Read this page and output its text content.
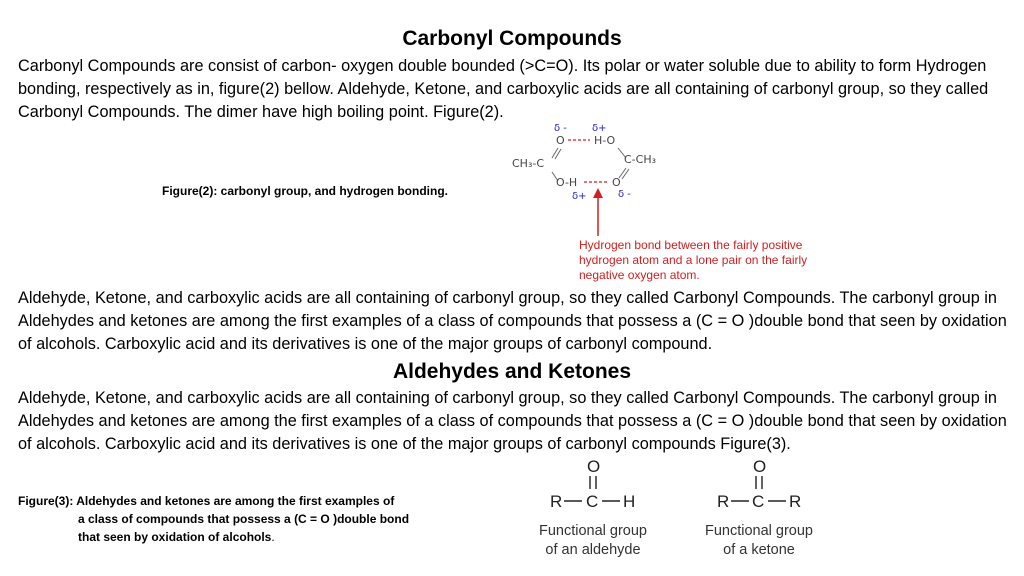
Carbonyl Compounds
Carbonyl Compounds are consist of carbon- oxygen double bounded (>C=O). Its polar or water soluble due to ability to form Hydrogen bonding, respectively as in, figure(2) bellow. Aldehyde, Ketone, and carboxylic acids are all containing of carbonyl group, so they called Carbonyl Compounds. The dimer have high boiling point. Figure(2).
Figure(2): carbonyl group, and hydrogen bonding.
δ -	δ+
O	H-O
CH₃-C	C-CH₃
O-H	O
δ+	δ -
Hydrogen bond between the fairly positive
hydrogen atom and a lone pair on the fairly
negative oxygen atom.
Aldehyde, Ketone, and carboxylic acids are all containing of carbonyl group, so they called Carbonyl Compounds. The carbonyl group in Aldehydes and ketones are among the first examples of a class of compounds that possess a (C = O )double bond that seen by oxidation of alcohols. Carboxylic acid and its derivatives is one of the major groups of carbonyl compound.
Aldehydes and Ketones
Aldehyde, Ketone, and carboxylic acids are all containing of carbonyl group, so they called Carbonyl Compounds. The carbonyl group in Aldehydes and ketones are among the first examples of a class of compounds that possess a (C = O )double bond that seen by oxidation of alcohols. Carboxylic acid and its derivatives is one of the major groups of carbonyl compounds Figure(3).
Figure(3): Aldehydes and ketones are among the first examples of
a class of compounds that possess a (C = O )double bond
that seen by oxidation of alcohols.
O
R C H
Functional group
of an aldehyde
O
R C R
Functional group
of a ketone
